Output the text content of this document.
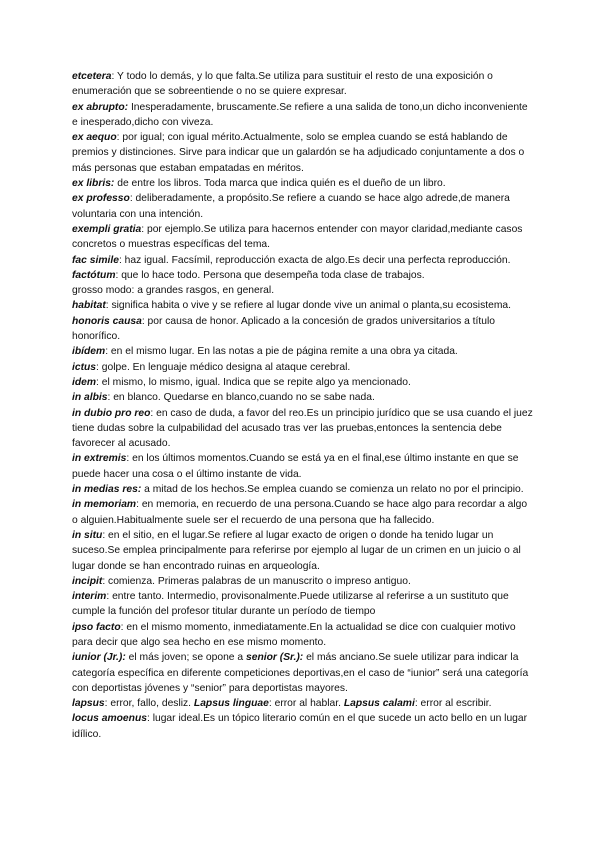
etcetera: Y todo lo demás, y lo que falta.Se utiliza para sustituir el resto de una exposición o enumeración que se sobreentiende o no se quiere expresar.

ex abrupto: Inesperadamente, bruscamente.Se refiere a una salida de tono,un dicho inconveniente e inesperado,dicho con viveza.

ex aequo: por igual; con igual mérito.Actualmente, solo se emplea cuando se está hablando de premios y distinciones. Sirve para indicar que un galardón se ha adjudicado conjuntamente a dos o más personas que estaban empatadas en méritos.

ex libris: de entre los libros. Toda marca que indica quién es el dueño de un libro.

ex professo: deliberadamente, a propósito.Se refiere a cuando se hace algo adrede,de manera voluntaria con una intención.

exempli gratia: por ejemplo.Se utiliza para hacernos entender con mayor claridad,mediante casos concretos o muestras específicas del tema.

fac simile: haz igual. Facsímil, reproducción exacta de algo.Es decir una perfecta reproducción.

factótum: que lo hace todo. Persona que desempeña toda clase de trabajos.

grosso modo: a grandes rasgos, en general.

habitat: significa habita o vive y se refiere al lugar donde vive un animal o planta,su ecosistema.

honoris causa: por causa de honor. Aplicado a la concesión de grados universitarios a título honorífico.

ibídem: en el mismo lugar. En las notas a pie de página remite a una obra ya citada.

ictus: golpe. En lenguaje médico designa al ataque cerebral.

idem: el mismo, lo mismo, igual. Indica que se repite algo ya mencionado.

in albis: en blanco. Quedarse en blanco,cuando no se sabe nada.

in dubio pro reo: en caso de duda, a favor del reo.Es un principio jurídico que se usa cuando el juez tiene dudas sobre la culpabilidad del acusado tras ver las pruebas,entonces la sentencia debe favorecer al acusado.

in extremis: en los últimos momentos.Cuando se está ya en el final,ese último instante en que se puede hacer una cosa o el último instante de vida.

in medias res: a mitad de los hechos.Se emplea cuando se comienza un relato no por el principio.

in memoriam: en memoria, en recuerdo de una persona.Cuando se hace algo para recordar a algo o alguien.Habitualmente suele ser el recuerdo de una persona que ha fallecido.

in situ: en el sitio, en el lugar.Se refiere al lugar exacto de origen o donde ha tenido lugar un suceso.Se emplea principalmente para referirse por ejemplo al lugar de un crimen en un juicio o al lugar donde se han encontrado ruinas en arqueología.

incipit: comienza. Primeras palabras de un manuscrito o impreso antiguo.

interim: entre tanto. Intermedio, provisonalmente.Puede utilizarse al referirse a un sustituto que cumple la función del profesor titular durante un período de tiempo

ipso facto: en el mismo momento, inmediatamente.En la actualidad se dice con cualquier motivo para decir que algo sea hecho en ese mismo momento.

iunior (Jr.): el más joven; se opone a senior (Sr.): el más anciano.Se suele utilizar para indicar la categoría específica en diferente competiciones deportivas,en el caso de “iunior” será una categoría con deportistas jóvenes y “senior” para deportistas mayores.

lapsus: error, fallo, desliz. Lapsus linguae: error al hablar. Lapsus calami: error al escribir.

locus amoenus: lugar ideal.Es un tópico literario común en el que sucede un acto bello en un lugar idílico.
